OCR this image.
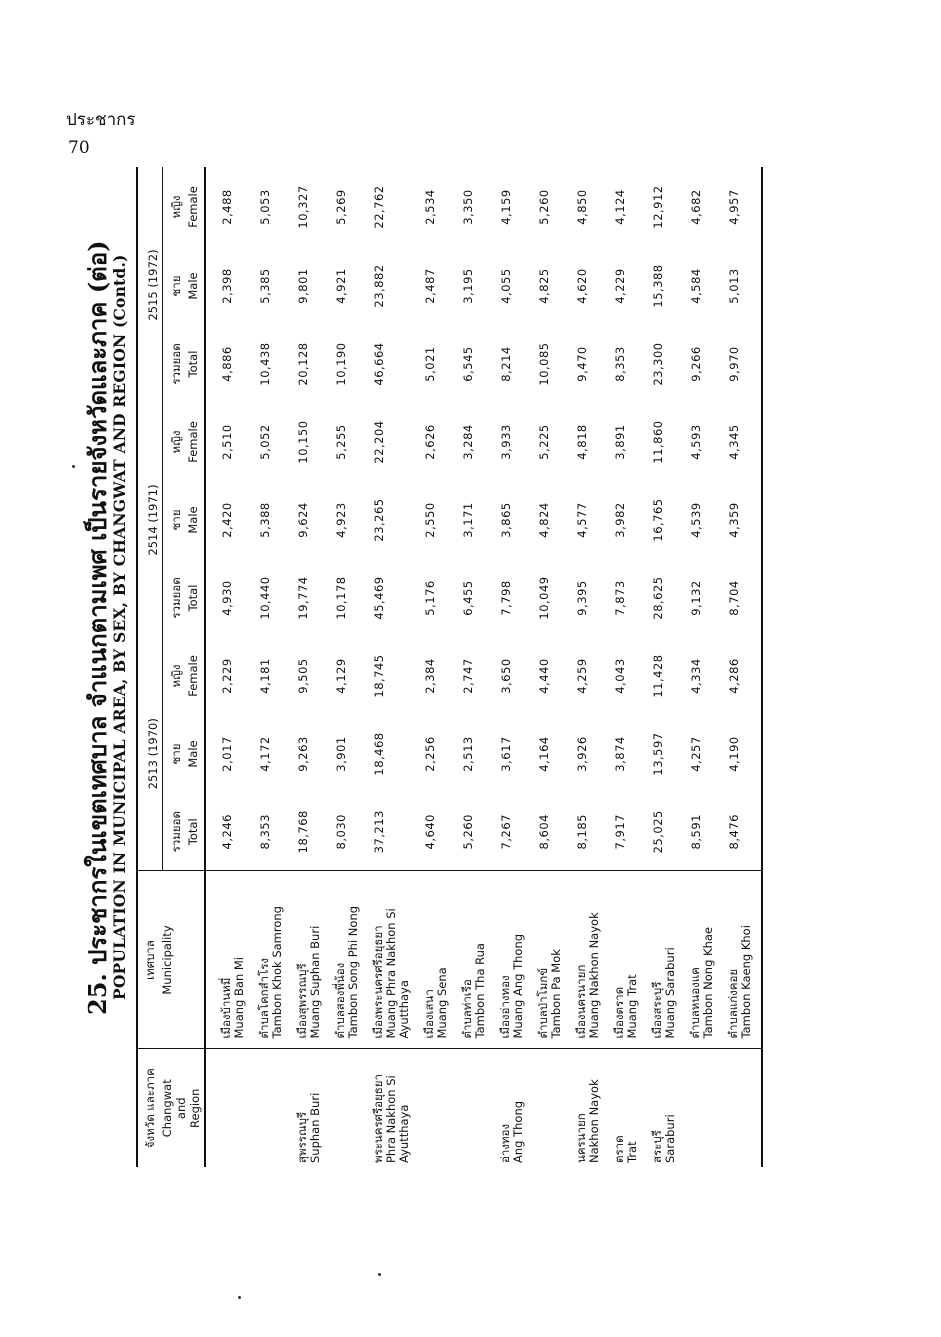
ประชากร
70
25. ประชากรในเขตเทศบาล จำแนกตามเพศ เป็นรายจังหวัดและภาค (ต่อ)
POPULATION IN MUNICIPAL AREA, BY SEX, BY CHANGWAT AND REGION (Contd.)
จังหวัด และภาค Changwat and Region	เทศบาล Municipality	2513 (1970)			2514 (1971)			2515 (1972)		

		รวมยอด Total	ชาย Male	หญิง Female	รวมยอด Total	ชาย Male	หญิง Female	รวมยอด Total	ชาย Male	หญิง Female

	เมืองบ้านหมี่ Muang Ban Mi	4,246	2,017	2,229	4,930	2,420	2,510	4,886	2,398	2,488

	ตำบลโคกสำโรง Tambon Khok Samrong	8,353	4,172	4,181	10,440	5,388	5,052	10,438	5,385	5,053

สุพรรณบุรี Suphan Buri	เมืองสุพรรณบุรี Muang Suphan Buri	18,768	9,263	9,505	19,774	9,624	10,150	20,128	9,801	10,327

	ตำบลสองพี่น้อง Tambon Song Phi Nong	8,030	3,901	4,129	10,178	4,923	5,255	10,190	4,921	5,269

พระนครศรีอยุธยา Phra Nakhon Si Ayutthaya	เมืองพระนครศรีอยุธยา Muang Phra Nakhon Si Ayutthaya	37,213	18,468	18,745	45,469	23,265	22,204	46,664	23,882	22,762

	เมืองเสนา Muang Sena	4,640	2,256	2,384	5,176	2,550	2,626	5,021	2,487	2,534

	ตำบลท่าเรือ Tambon Tha Rua	5,260	2,513	2,747	6,455	3,171	3,284	6,545	3,195	3,350

อ่างทอง Ang Thong	เมืองอ่างทอง Muang Ang Thong	7,267	3,617	3,650	7,798	3,865	3,933	8,214	4,055	4,159

	ตำบลป่าโมกข์ Tambon Pa Mok	8,604	4,164	4,440	10,049	4,824	5,225	10,085	4,825	5,260

นครนายก Nakhon Nayok	เมืองนครนายก Muang Nakhon Nayok	8,185	3,926	4,259	9,395	4,577	4,818	9,470	4,620	4,850

ตราด Trat	เมืองตราด Muang Trat	7,917	3,874	4,043	7,873	3,982	3,891	8,353	4,229	4,124

สระบุรี Saraburi	เมืองสระบุรี Muang Saraburi	25,025	13,597	11,428	28,625	16,765	11,860	23,300	15,388	12,912

	ตำบลหนองแค Tambon Nong Khae	8,591	4,257	4,334	9,132	4,539	4,593	9,266	4,584	4,682

	ตำบลแก่งคอย Tambon Kaeng Khoi	8,476	4,190	4,286	8,704	4,359	4,345	9,970	5,013	4,957
